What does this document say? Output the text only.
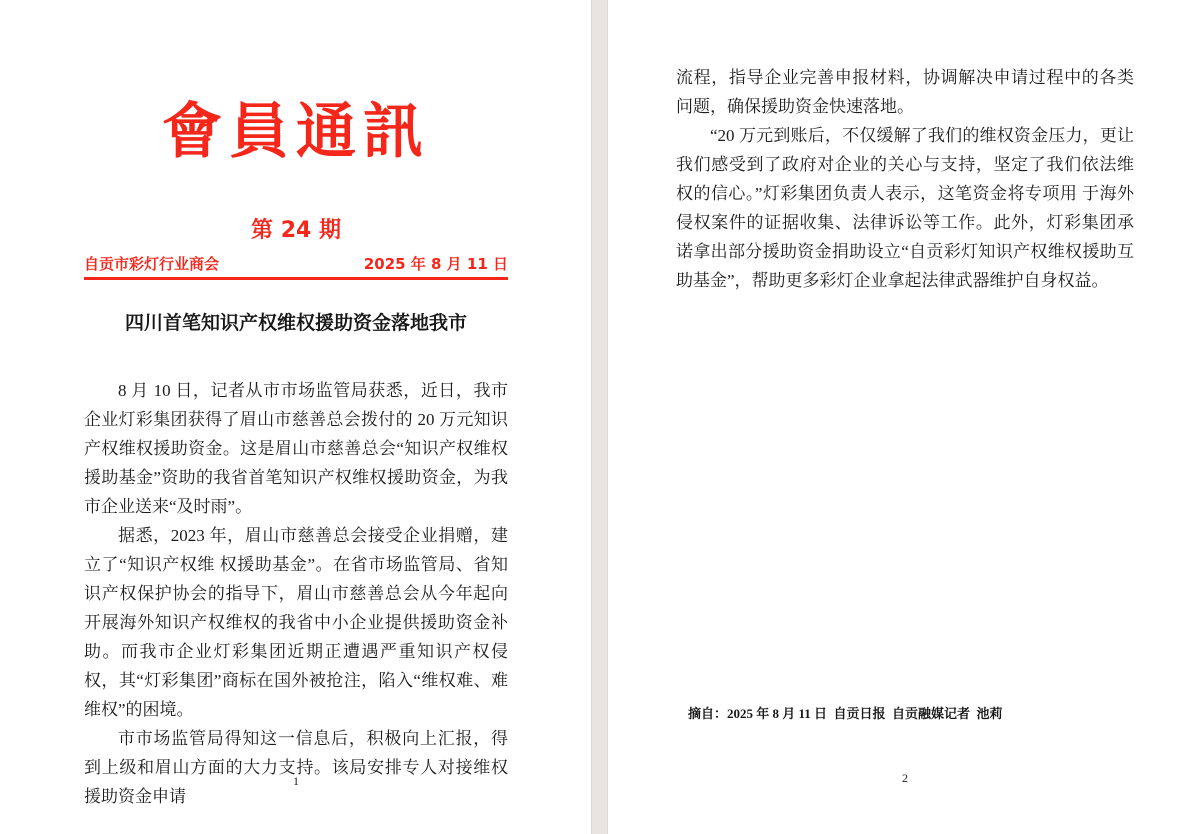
會員通訊
第 24 期
自贡市彩灯行业商会	2025 年 8 月 11 日
四川首笔知识产权维权援助资金落地我市

8 月 10 日，记者从市市场监管局获悉，近日，我市企业灯彩集团获得了眉山市慈善总会拨付的 20 万元知识产权维权援助资金。这是眉山市慈善总会“知识产权维权援助基金”资助的我省首笔知识产权维权援助资金，为我市企业送来“及时雨”。

据悉，2023 年，眉山市慈善总会接受企业捐赠，建立了“知识产权维 权援助基金”。在省市场监管局、省知 识产权保护协会的指导下，眉山市慈善总会从今年起向开展海外知识产权维权的我省中小企业提供援助资金补助。而我市企业灯彩集团近期正遭遇严重知识产权侵权，其“灯彩集团”商标在国外被抢注，陷入“维权难、难维权”的困境。

市市场监管局得知这一信息后，积极向上汇报，得到上级和眉山方面的大力支持。该局安排专人对接维权援助资金申请

1

流程，指导企业完善申报材料，协调解决申请过程中的各类问题，确保援助资金快速落地。

“20 万元到账后，不仅缓解了我们的维权资金压力，更让我们感受到了政府对企业的关心与支持，坚定了我们依法维权的信心。”灯彩集团负责人表示，这笔资金将专项用 于海外侵权案件的证据收集、法律诉讼等工作。此外，灯彩集团承诺拿出部分援助资金捐助设立“自贡彩灯知识产权维权援助互助基金”，帮助更多彩灯企业拿起法律武器维护自身权益。

摘自：2025 年 8 月 11 日  自贡日报  自贡融媒记者  池莉
2
